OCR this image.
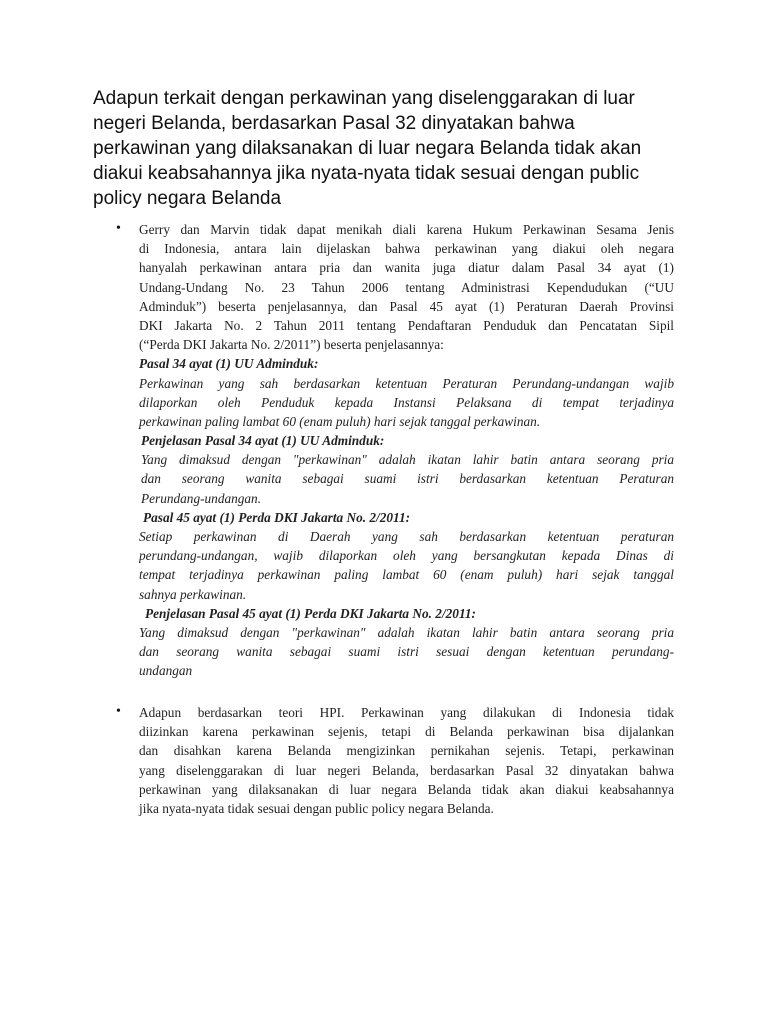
Adapun terkait dengan perkawinan yang diselenggarakan di luar
negeri Belanda, berdasarkan Pasal 32 dinyatakan bahwa
perkawinan yang dilaksanakan di luar negara Belanda tidak akan
diakui keabsahannya jika nyata-nyata tidak sesuai dengan public
policy negara Belanda
• Gerry dan Marvin tidak dapat menikah diali karena Hukum Perkawinan Sesama Jenis
di Indonesia, antara lain dijelaskan bahwa perkawinan yang diakui oleh negara
hanyalah perkawinan antara pria dan wanita juga diatur dalam Pasal 34 ayat (1)
Undang-Undang No. 23 Tahun 2006 tentang Administrasi Kependudukan (“UU
Adminduk”) beserta penjelasannya, dan Pasal 45 ayat (1) Peraturan Daerah Provinsi
DKI Jakarta No. 2 Tahun 2011 tentang Pendaftaran Penduduk dan Pencatatan Sipil
(“Perda DKI Jakarta No. 2/2011”) beserta penjelasannya:
Pasal 34 ayat (1) UU Adminduk:
Perkawinan yang sah berdasarkan ketentuan Peraturan Perundang-undangan wajib
dilaporkan oleh Penduduk kepada Instansi Pelaksana di tempat terjadinya
perkawinan paling lambat 60 (enam puluh) hari sejak tanggal perkawinan.
Penjelasan Pasal 34 ayat (1) UU Adminduk:
Yang dimaksud dengan "perkawinan" adalah ikatan lahir batin antara seorang pria
dan seorang wanita sebagai suami istri berdasarkan ketentuan Peraturan
Perundang-undangan.
Pasal 45 ayat (1) Perda DKI Jakarta No. 2/2011:
Setiap perkawinan di Daerah yang sah berdasarkan ketentuan peraturan
perundang-undangan, wajib dilaporkan oleh yang bersangkutan kepada Dinas di
tempat terjadinya perkawinan paling lambat 60 (enam puluh) hari sejak tanggal
sahnya perkawinan.
Penjelasan Pasal 45 ayat (1) Perda DKI Jakarta No. 2/2011:
Yang dimaksud dengan "perkawinan" adalah ikatan lahir batin antara seorang pria
dan seorang wanita sebagai suami istri sesuai dengan ketentuan perundang-
undangan
• Adapun berdasarkan teori HPI. Perkawinan yang dilakukan di Indonesia tidak
diizinkan karena perkawinan sejenis, tetapi di Belanda perkawinan bisa dijalankan
dan disahkan karena Belanda mengizinkan pernikahan sejenis. Tetapi, perkawinan
yang diselenggarakan di luar negeri Belanda, berdasarkan Pasal 32 dinyatakan bahwa
perkawinan yang dilaksanakan di luar negara Belanda tidak akan diakui keabsahannya
jika nyata-nyata tidak sesuai dengan public policy negara Belanda.
